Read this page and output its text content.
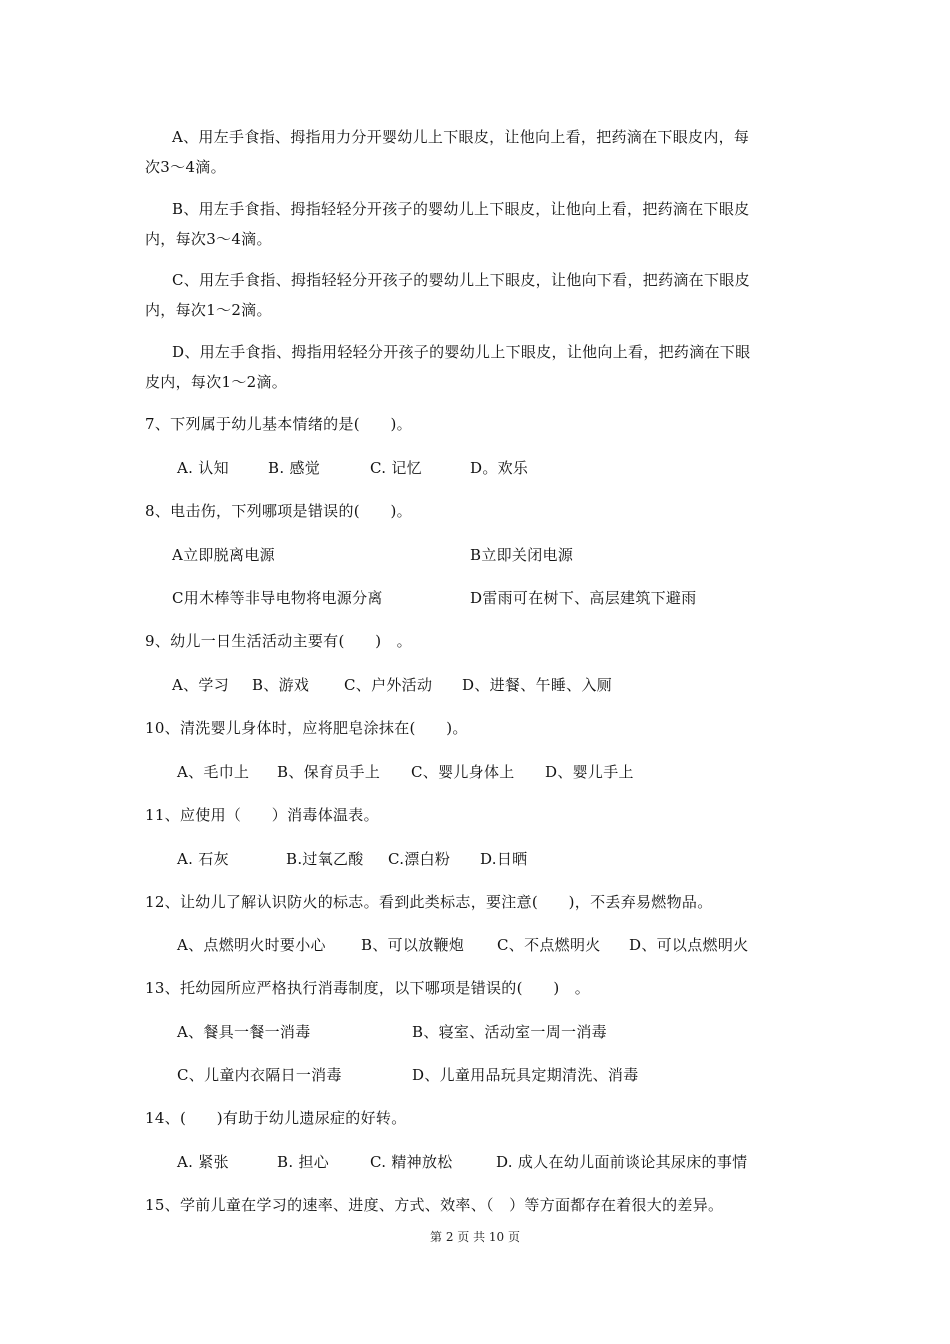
A、用左手食指、拇指用力分开婴幼儿上下眼皮，让他向上看，把药滴在下眼皮内，每
次3～4滴。
B、用左手食指、拇指轻轻分开孩子的婴幼儿上下眼皮，让他向上看，把药滴在下眼皮
内，每次3～4滴。
C、用左手食指、拇指轻轻分开孩子的婴幼儿上下眼皮，让他向下看，把药滴在下眼皮
内，每次1～2滴。
D、用左手食指、拇指用轻轻分开孩子的婴幼儿上下眼皮，让他向上看，把药滴在下眼
皮内，每次1～2滴。
7、下列属于幼儿基本情绪的是(　　)。
A. 认知	B. 感觉	C. 记忆	D。欢乐
8、电击伤，下列哪项是错误的(　　)。
A立即脱离电源	B立即关闭电源
C用木棒等非导电物将电源分离	D雷雨可在树下、高层建筑下避雨
9、幼儿一日生活活动主要有(　　)　。
A、学习 B、游戏 C、户外活动 D、进餐、午睡、入厕
10、清洗婴儿身体时，应将肥皂涂抹在(　　)。
A、毛巾上 B、保育员手上 C、婴儿身体上 D、婴儿手上
11、应使用（　　）消毒体温表。
A. 石灰	B.过氧乙酸 C.漂白粉 D.日晒
12、让幼儿了解认识防火的标志。看到此类标志，要注意(　　)，不丢弃易燃物品。
A、点燃明火时要小心 B、可以放鞭炮 C、不点燃明火 D、可以点燃明火
13、托幼园所应严格执行消毒制度，以下哪项是错误的(　　)　。
A、餐具一餐一消毒	B、寝室、活动室一周一消毒
C、儿童内衣隔日一消毒	D、儿童用品玩具定期清洗、消毒
14、(　　)有助于幼儿遗尿症的好转。
A. 紧张	B. 担心	C. 精神放松	D. 成人在幼儿面前谈论其尿床的事情
15、学前儿童在学习的速率、进度、方式、效率、（　）等方面都存在着很大的差异。
第 2 页 共 10 页
